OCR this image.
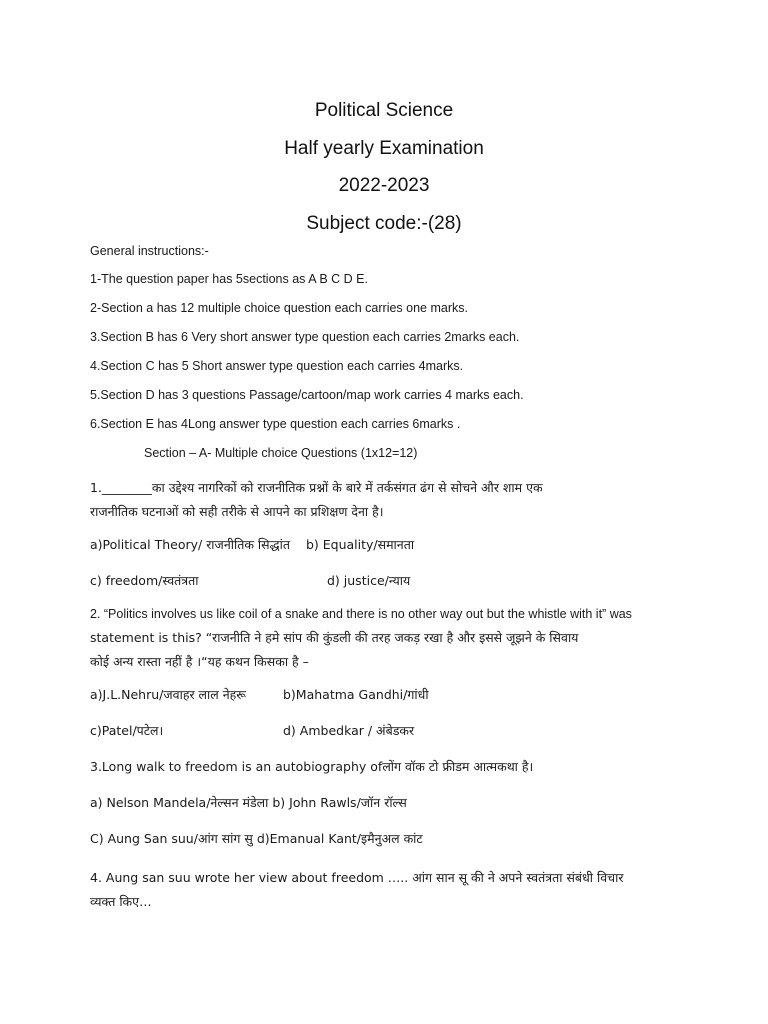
Political Science
Half yearly Examination
2022-2023
Subject code:-(28)
General instructions:-
1-The question paper has 5sections as A B C D E.
2-Section a has 12 multiple choice question each carries one marks.
3.Section B has 6 Very short answer type question each carries 2marks each.
4.Section C has 5 Short answer type question each carries 4marks.
5.Section D has 3 questions Passage/cartoon/map work carries 4 marks each.
6.Section E has 4Long answer type question each carries 6marks .
Section – A- Multiple choice Questions (1x12=12)
1.________का उद्देश्य नागरिकों को राजनीतिक प्रश्नों के बारे में तर्कसंगत ढंग से सोचने और शाम एक
राजनीतिक घटनाओं को सही तरीके से आपने का प्रशिक्षण देना है।
a)Political Theory/ राजनीतिक सिद्धांत b) Equality/समानता
c) freedom/स्वतंत्रता	d) justice/न्याय
2. “Politics involves us like coil of a snake and there is no other way out but the whistle with it” was
statement is this? “राजनीति ने हमे सांप की कुंडली की तरह जकड़ रखा है और इससे जूझने के सिवाय
कोई अन्य रास्ता नहीं है ।“यह कथन किसका है –
a)J.L.Nehru/जवाहर लाल नेहरू	b)Mahatma Gandhi/गांधी
c)Patel/पटेल।	d) Ambedkar / अंबेडकर
3.Long walk to freedom is an autobiography ofलोंग वॉक टो फ्रीडम आत्मकथा है।
a) Nelson Mandela/नेल्सन मंडेला b) John Rawls/जॉन रॉल्स
C) Aung San suu/आंग सांग सु d)Emanual Kant/इमैनुअल कांट
4. Aung san suu wrote her view about freedom ….. आंग सान सू की ने अपने स्वतंत्रता संबंधी विचार
व्यक्त किए…
